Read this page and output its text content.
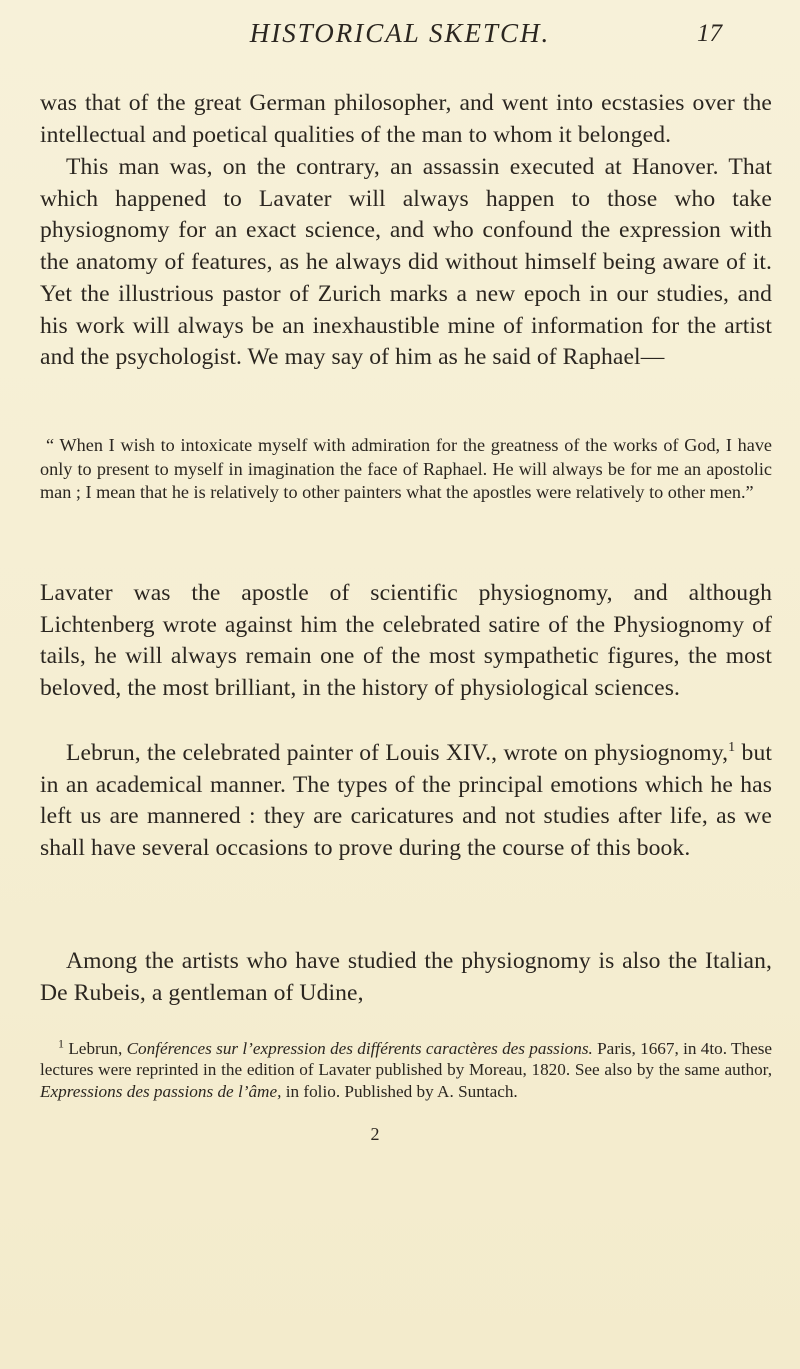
HISTORICAL SKETCH.	17

was that of the great German philosopher, and went into ecstasies over the intellectual and poetical qualities of the man to whom it belonged.

This man was, on the contrary, an assassin executed at Hanover. That which happened to Lavater will always happen to those who take physiognomy for an exact science, and who confound the expression with the anatomy of features, as he always did without himself being aware of it. Yet the illustrious pastor of Zurich marks a new epoch in our studies, and his work will always be an inexhaustible mine of information for the artist and the psychologist. We may say of him as he said of Raphael—

“ When I wish to intoxicate myself with admiration for the greatness of the works of God, I have only to present to myself in imagination the face of Raphael. He will always be for me an apostolic man ; I mean that he is relatively to other painters what the apostles were relatively to other men.”

Lavater was the apostle of scientific physiognomy, and although Lichtenberg wrote against him the celebrated satire of the Physiognomy of tails, he will always remain one of the most sympathetic figures, the most beloved, the most brilliant, in the history of physiological sciences.

Lebrun, the celebrated painter of Louis XIV., wrote on physiognomy,$^1$ but in an academical manner. The types of the principal emotions which he has left us are mannered : they are caricatures and not studies after life, as we shall have several occasions to prove during the course of this book.

Among the artists who have studied the physiognomy is also the Italian, De Rubeis, a gentleman of Udine,

$^1$ Lebrun, Conférences sur l’expression des différents caractères des passions. Paris, 1667, in 4to. These lectures were reprinted in the edition of Lavater published by Moreau, 1820. See also by the same author, Expressions des passions de l’âme, in folio. Published by A. Suntach.
2
